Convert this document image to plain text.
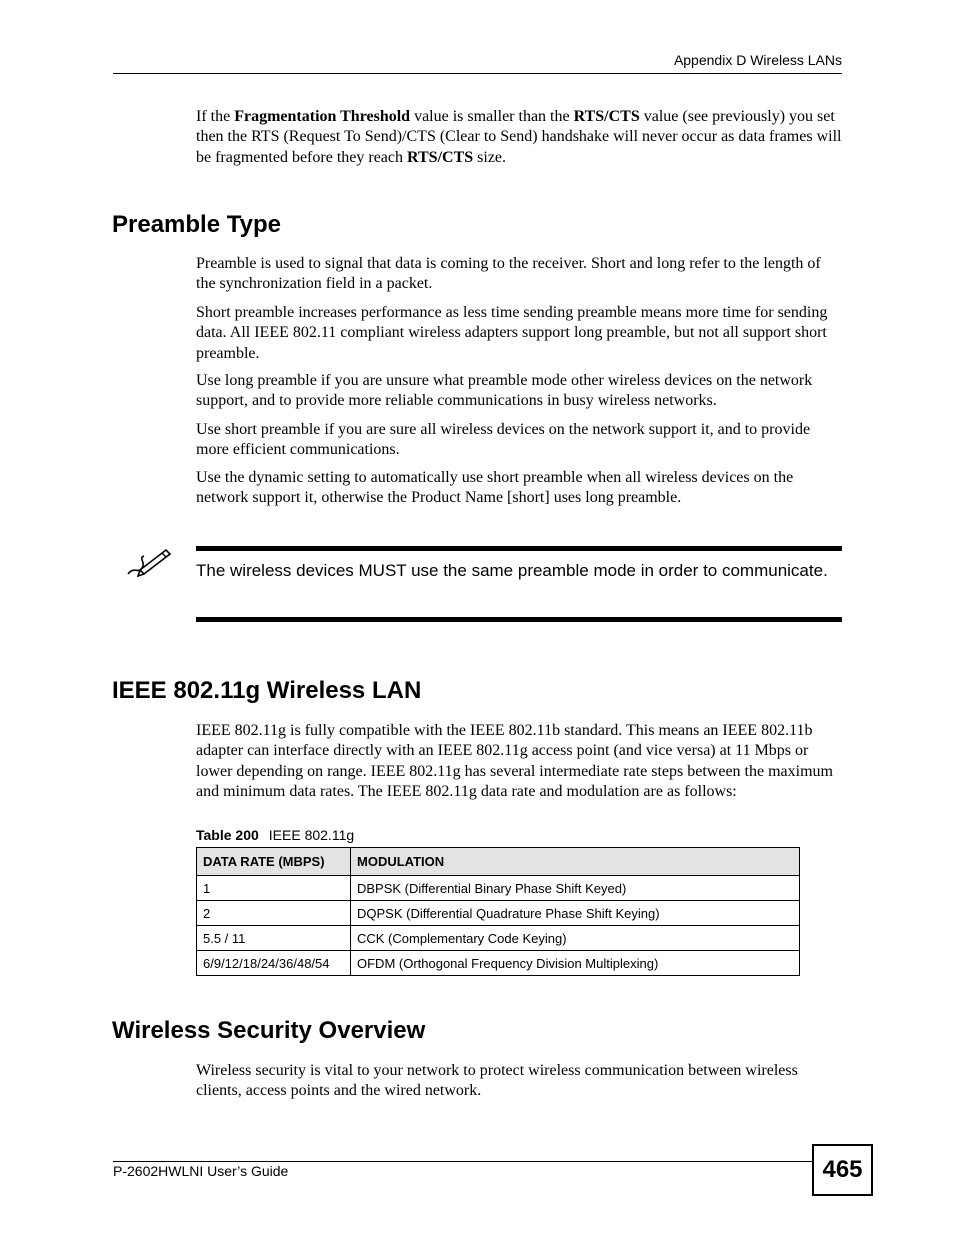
Appendix D Wireless LANs

If the Fragmentation Threshold value is smaller than the RTS/CTS value (see previously) you set then the RTS (Request To Send)/CTS (Clear to Send) handshake will never occur as data frames will be fragmented before they reach RTS/CTS size.

Preamble Type

Preamble is used to signal that data is coming to the receiver. Short and long refer to the length of the synchronization field in a packet.

Short preamble increases performance as less time sending preamble means more time for sending data. All IEEE 802.11 compliant wireless adapters support long preamble, but not all support short preamble.

Use long preamble if you are unsure what preamble mode other wireless devices on the network support, and to provide more reliable communications in busy wireless networks.

Use short preamble if you are sure all wireless devices on the network support it, and to provide more efficient communications.

Use the dynamic setting to automatically use short preamble when all wireless devices on the network support it, otherwise the Product Name [short] uses long preamble.

The wireless devices MUST use the same preamble mode in order to communicate.
IEEE 802.11g Wireless LAN

IEEE 802.11g is fully compatible with the IEEE 802.11b standard. This means an IEEE 802.11b adapter can interface directly with an IEEE 802.11g access point (and vice versa) at 11 Mbps or lower depending on range. IEEE 802.11g has several intermediate rate steps between the maximum and minimum data rates. The IEEE 802.11g data rate and modulation are as follows:

Table 200 IEEE 802.11g
DATA RATE (MBPS)	MODULATION
1	DBPSK (Differential Binary Phase Shift Keyed)
2	DQPSK (Differential Quadrature Phase Shift Keying)
5.5 / 11	CCK (Complementary Code Keying)
6/9/12/18/24/36/48/54	OFDM (Orthogonal Frequency Division Multiplexing)
Wireless Security Overview

Wireless security is vital to your network to protect wireless communication between wireless clients, access points and the wired network.

P-2602HWLNI User’s Guide	465
